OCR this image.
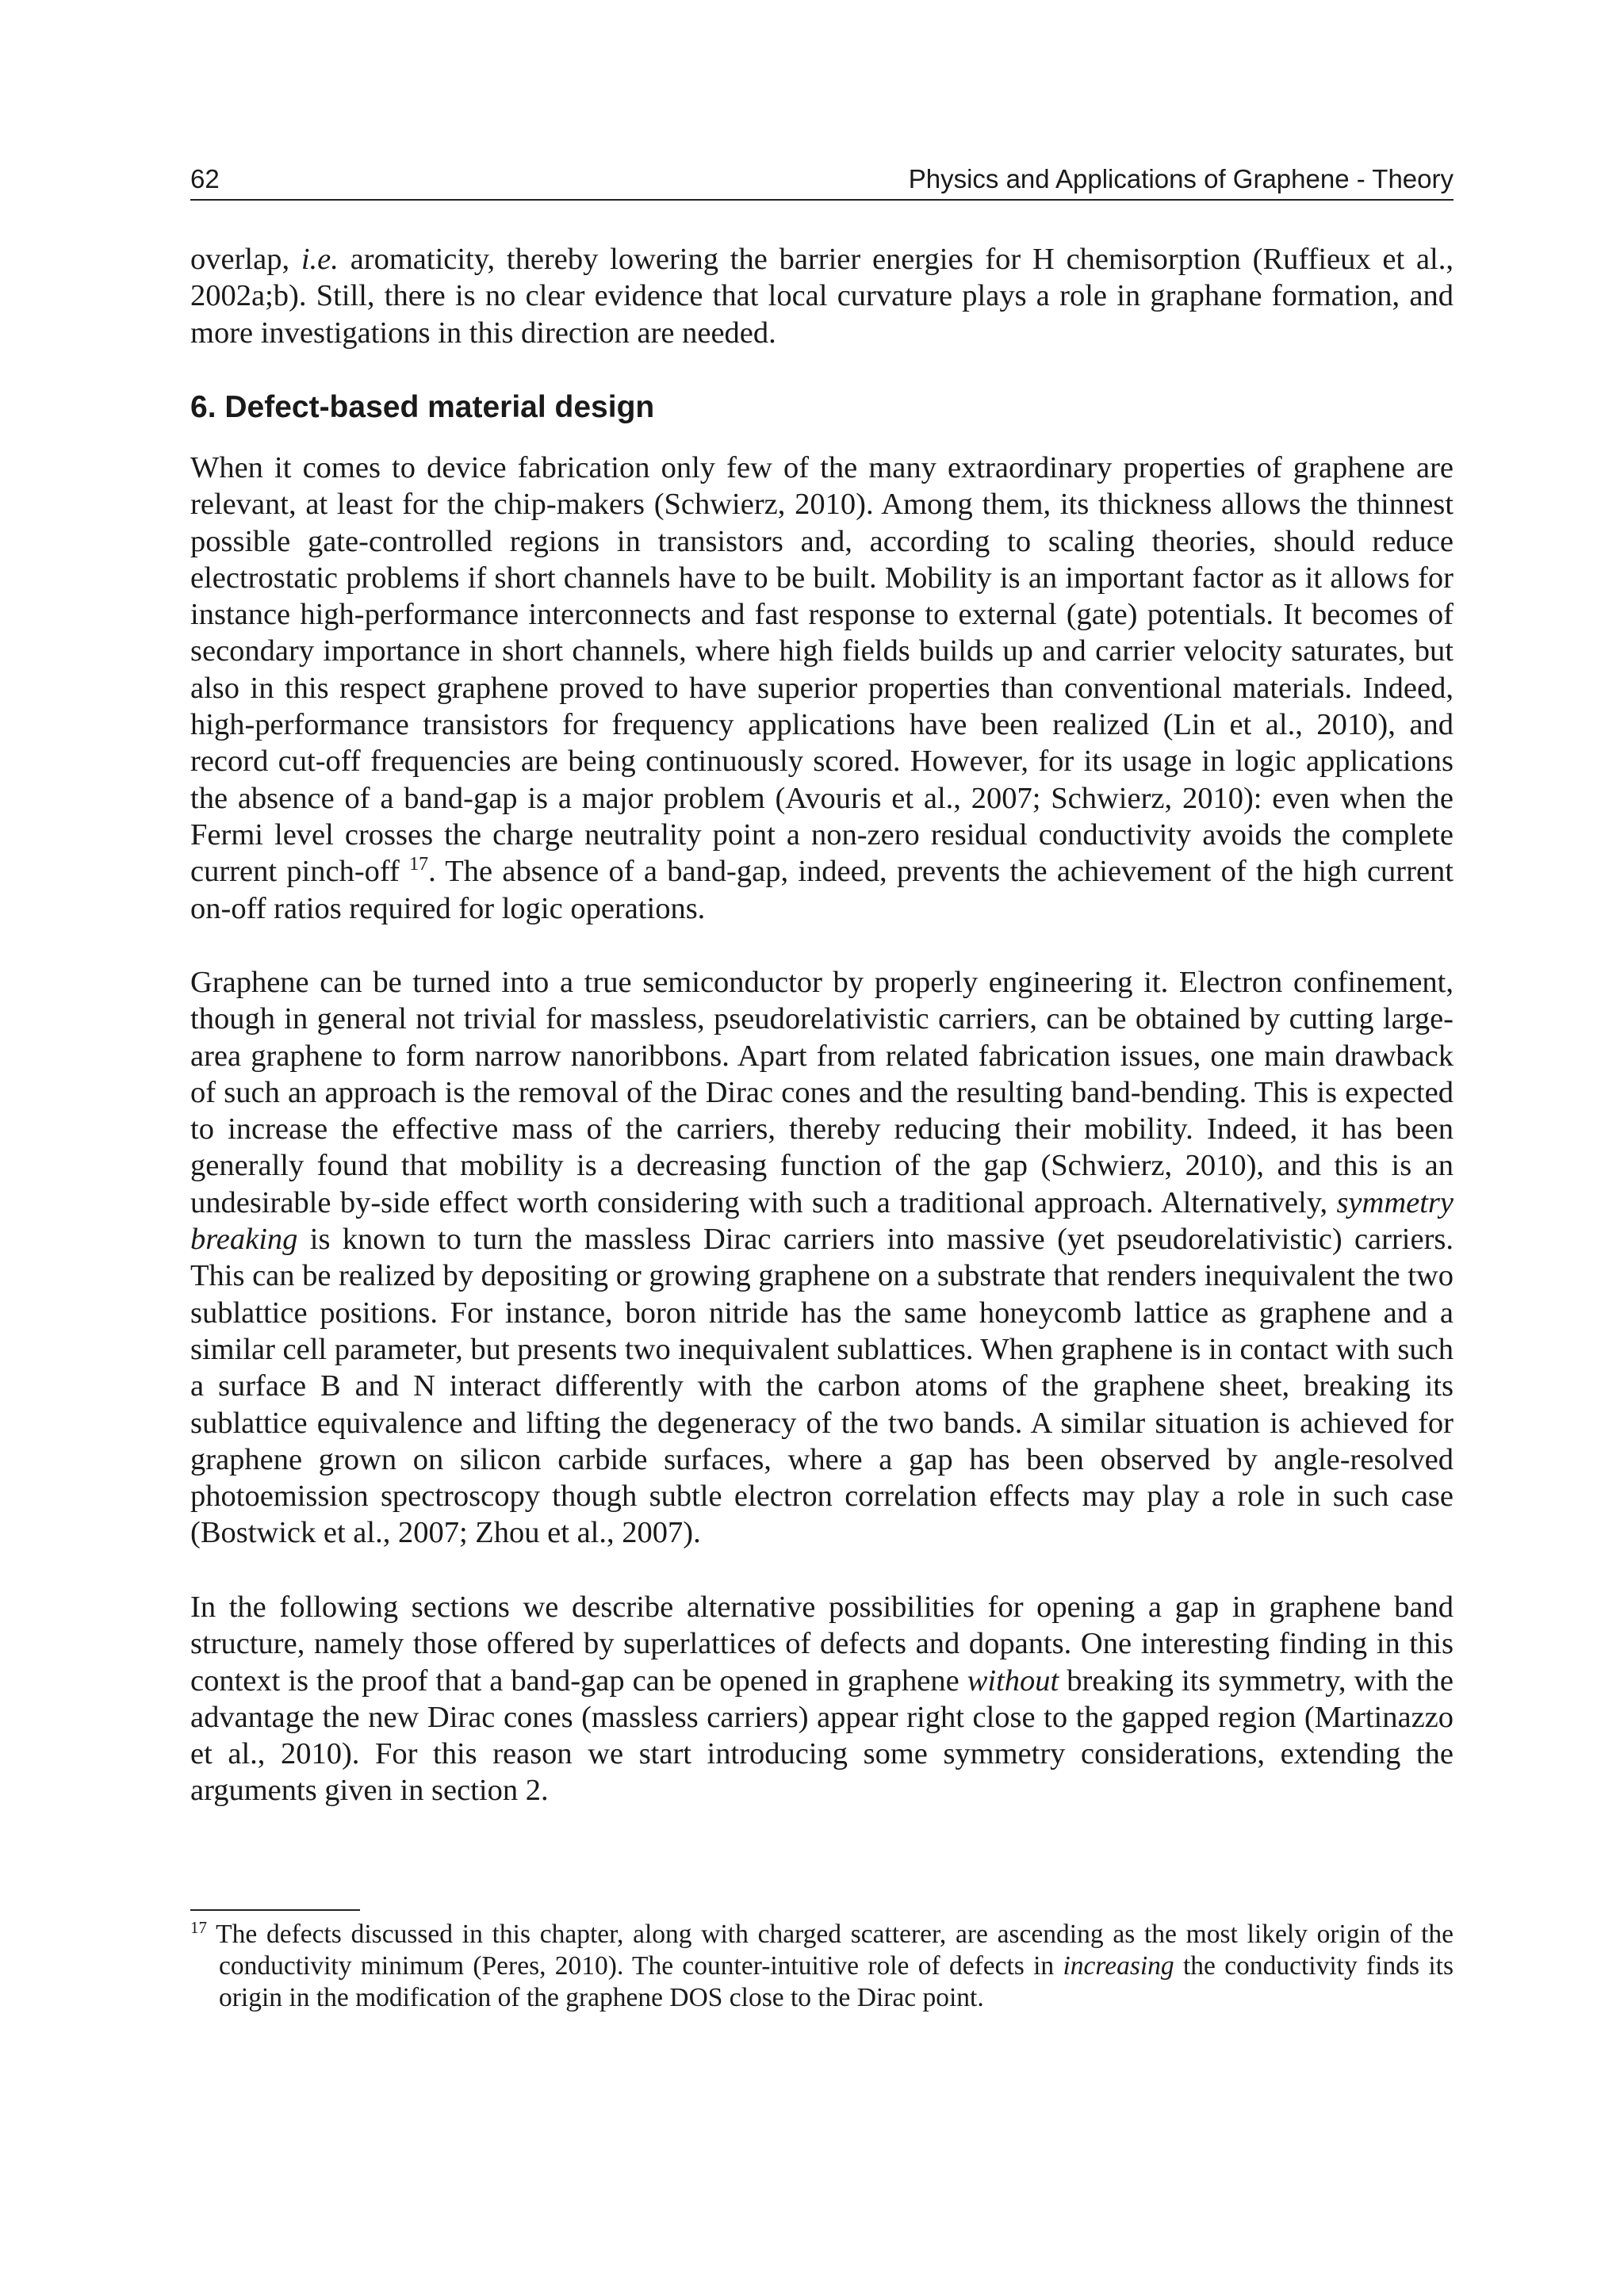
62	Physics and Applications of Graphene - Theory

overlap, i.e. aromaticity, thereby lowering the barrier energies for H chemisorption (Ruffieux et al., 2002a;b). Still, there is no clear evidence that local curvature plays a role in graphane formation, and more investigations in this direction are needed.

6. Defect-based material design

When it comes to device fabrication only few of the many extraordinary properties of graphene are relevant, at least for the chip-makers (Schwierz, 2010). Among them, its thickness allows the thinnest possible gate-controlled regions in transistors and, according to scaling theories, should reduce electrostatic problems if short channels have to be built. Mobility is an important factor as it allows for instance high-performance interconnects and fast response to external (gate) potentials. It becomes of secondary importance in short channels, where high fields builds up and carrier velocity saturates, but also in this respect graphene proved to have superior properties than conventional materials. Indeed, high-performance transistors for frequency applications have been realized (Lin et al., 2010), and record cut-off frequencies are being continuously scored. However, for its usage in logic applications the absence of a band-gap is a major problem (Avouris et al., 2007; Schwierz, 2010): even when the Fermi level crosses the charge neutrality point a non-zero residual conductivity avoids the complete current pinch-off $^{17}$. The absence of a band-gap, indeed, prevents the achievement of the high current on-off ratios required for logic operations.

Graphene can be turned into a true semiconductor by properly engineering it. Electron confinement, though in general not trivial for massless, pseudorelativistic carriers, can be obtained by cutting large-area graphene to form narrow nanoribbons. Apart from related fabrication issues, one main drawback of such an approach is the removal of the Dirac cones and the resulting band-bending. This is expected to increase the effective mass of the carriers, thereby reducing their mobility. Indeed, it has been generally found that mobility is a decreasing function of the gap (Schwierz, 2010), and this is an undesirable by-side effect worth considering with such a traditional approach. Alternatively, symmetry breaking is known to turn the massless Dirac carriers into massive (yet pseudorelativistic) carriers. This can be realized by depositing or growing graphene on a substrate that renders inequivalent the two sublattice positions. For instance, boron nitride has the same honeycomb lattice as graphene and a similar cell parameter, but presents two inequivalent sublattices. When graphene is in contact with such a surface B and N interact differently with the carbon atoms of the graphene sheet, breaking its sublattice equivalence and lifting the degeneracy of the two bands. A similar situation is achieved for graphene grown on silicon carbide surfaces, where a gap has been observed by angle-resolved photoemission spectroscopy though subtle electron correlation effects may play a role in such case (Bostwick et al., 2007; Zhou et al., 2007).

In the following sections we describe alternative possibilities for opening a gap in graphene band structure, namely those offered by superlattices of defects and dopants. One interesting finding in this context is the proof that a band-gap can be opened in graphene without breaking its symmetry, with the advantage the new Dirac cones (massless carriers) appear right close to the gapped region (Martinazzo et al., 2010). For this reason we start introducing some symmetry considerations, extending the arguments given in section 2.

$^{17}$ The defects discussed in this chapter, along with charged scatterer, are ascending as the most likely origin of the conductivity minimum (Peres, 2010). The counter-intuitive role of defects in increasing the conductivity finds its origin in the modification of the graphene DOS close to the Dirac point.
